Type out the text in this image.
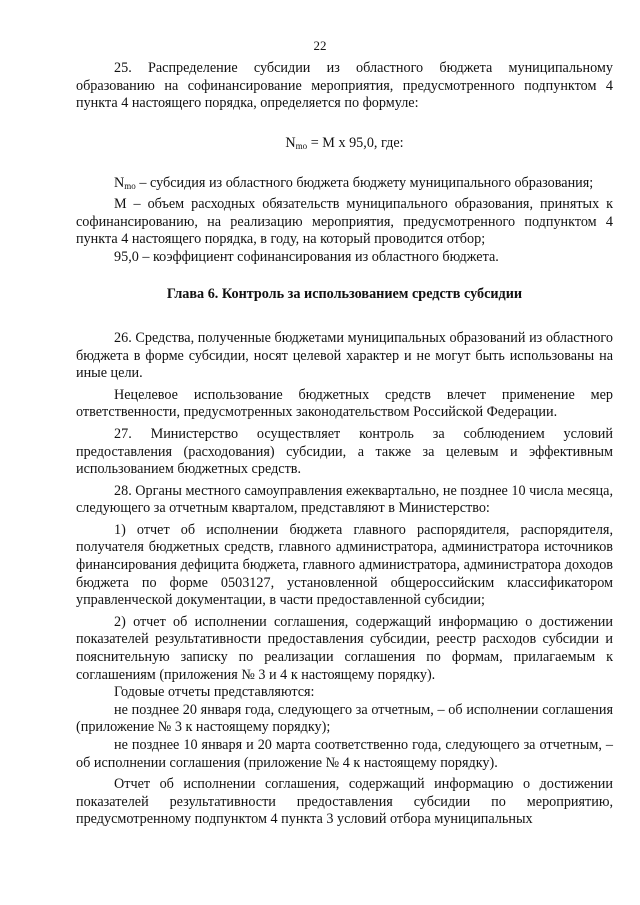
22

25. Распределение субсидии из областного бюджета муниципальному образованию на софинансирование мероприятия, предусмотренного подпунктом 4 пункта 4 настоящего порядка, определяется по формуле:

$N_{mo} = M$ x 95,0, где:

$N_{mo}$ – субсидия из областного бюджета бюджету муниципального образования;

M – объем расходных обязательств муниципального образования, принятых к софинансированию, на реализацию мероприятия, предусмотренного подпунктом 4 пункта 4 настоящего порядка, в году, на который проводится отбор;

95,0 – коэффициент софинансирования из областного бюджета.

Глава 6. Контроль за использованием средств субсидии

26. Средства, полученные бюджетами муниципальных образований из областного бюджета в форме субсидии, носят целевой характер и не могут быть использованы на иные цели.

Нецелевое использование бюджетных средств влечет применение мер ответственности, предусмотренных законодательством Российской Федерации.

27. Министерство осуществляет контроль за соблюдением условий предоставления (расходования) субсидии, а также за целевым и эффективным использованием бюджетных средств.

28. Органы местного самоуправления ежеквартально, не позднее 10 числа месяца, следующего за отчетным кварталом, представляют в Министерство:

1) отчет об исполнении бюджета главного распорядителя, распорядителя, получателя бюджетных средств, главного администратора, администратора источников финансирования дефицита бюджета, главного администратора, администратора доходов бюджета по форме 0503127, установленной общероссийским классификатором управленческой документации, в части предоставленной субсидии;

2) отчет об исполнении соглашения, содержащий информацию о достижении показателей результативности предоставления субсидии, реестр расходов субсидии и пояснительную записку по реализации соглашения по формам, прилагаемым к соглашениям (приложения № 3 и 4 к настоящему порядку).

Годовые отчеты представляются:

не позднее 20 января года, следующего за отчетным, – об исполнении соглашения (приложение № 3 к настоящему порядку);

не позднее 10 января и 20 марта соответственно года, следующего за отчетным, – об исполнении соглашения (приложение № 4 к настоящему порядку).

Отчет об исполнении соглашения, содержащий информацию о достижении показателей результативности предоставления субсидии по мероприятию, предусмотренному подпунктом 4 пункта 3 условий отбора муниципальных
